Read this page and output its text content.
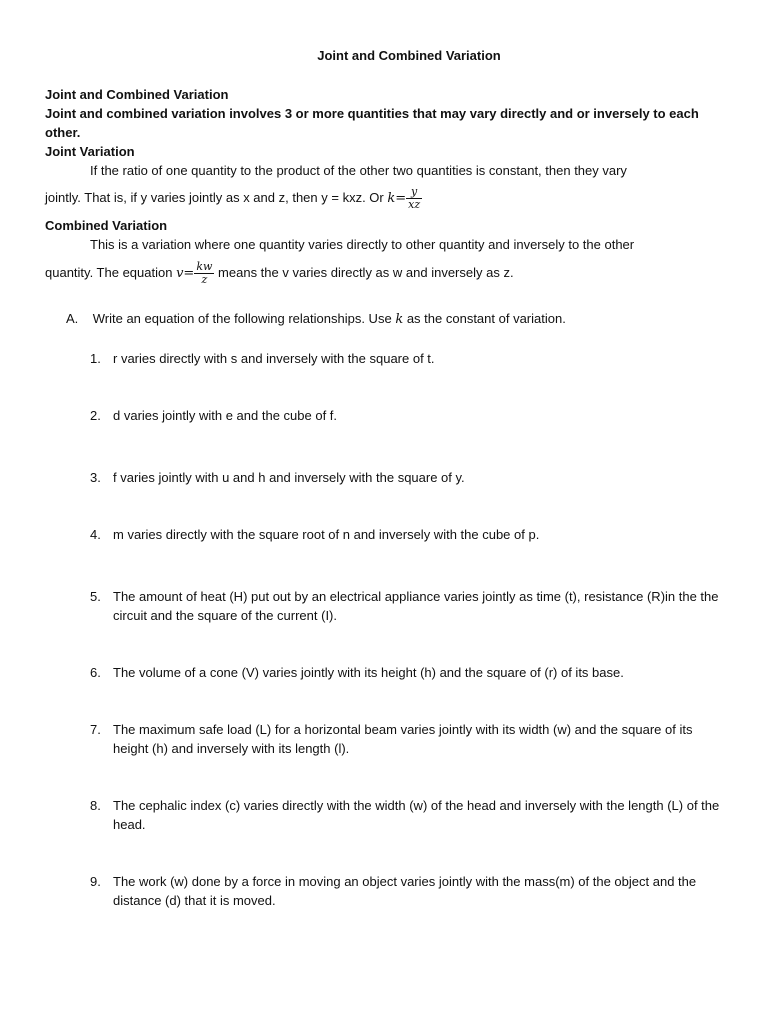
Joint and Combined Variation
Joint and Combined Variation
Joint and combined variation involves 3 or more quantities that may vary directly and or inversely to each
other.
Joint Variation
If the ratio of one quantity to the product of the other two quantities is constant, then they vary
jointly. That is, if y varies jointly as x and z, then y = kxz. Or $k= \frac{y}{xz}$
Combined Variation
This is a variation where one quantity varies directly to other quantity and inversely to the other
quantity. The equation $v= \frac{kw}{z}$ means the v varies directly as w and inversely as z.
A. Write an equation of the following relationships. Use k as the constant of variation.
1. r varies directly with s and inversely with the square of t.
2. d varies jointly with e and the cube of f.
3. f varies jointly with u and h and inversely with the square of y.
4. m varies directly with the square root of n and inversely with the cube of p.
5. The amount of heat (H) put out by an electrical appliance varies jointly as time (t), resistance (R)in the the circuit and the square of the current (I).
6. The volume of a cone (V) varies jointly with its height (h) and the square of (r) of its base.
7. The maximum safe load (L) for a horizontal beam varies jointly with its width (w) and the square of its height (h) and inversely with its length (l).
8. The cephalic index (c) varies directly with the width (w) of the head and inversely with the length (L) of the head.
9. The work (w) done by a force in moving an object varies jointly with the mass(m) of the object and the distance (d) that it is moved.
